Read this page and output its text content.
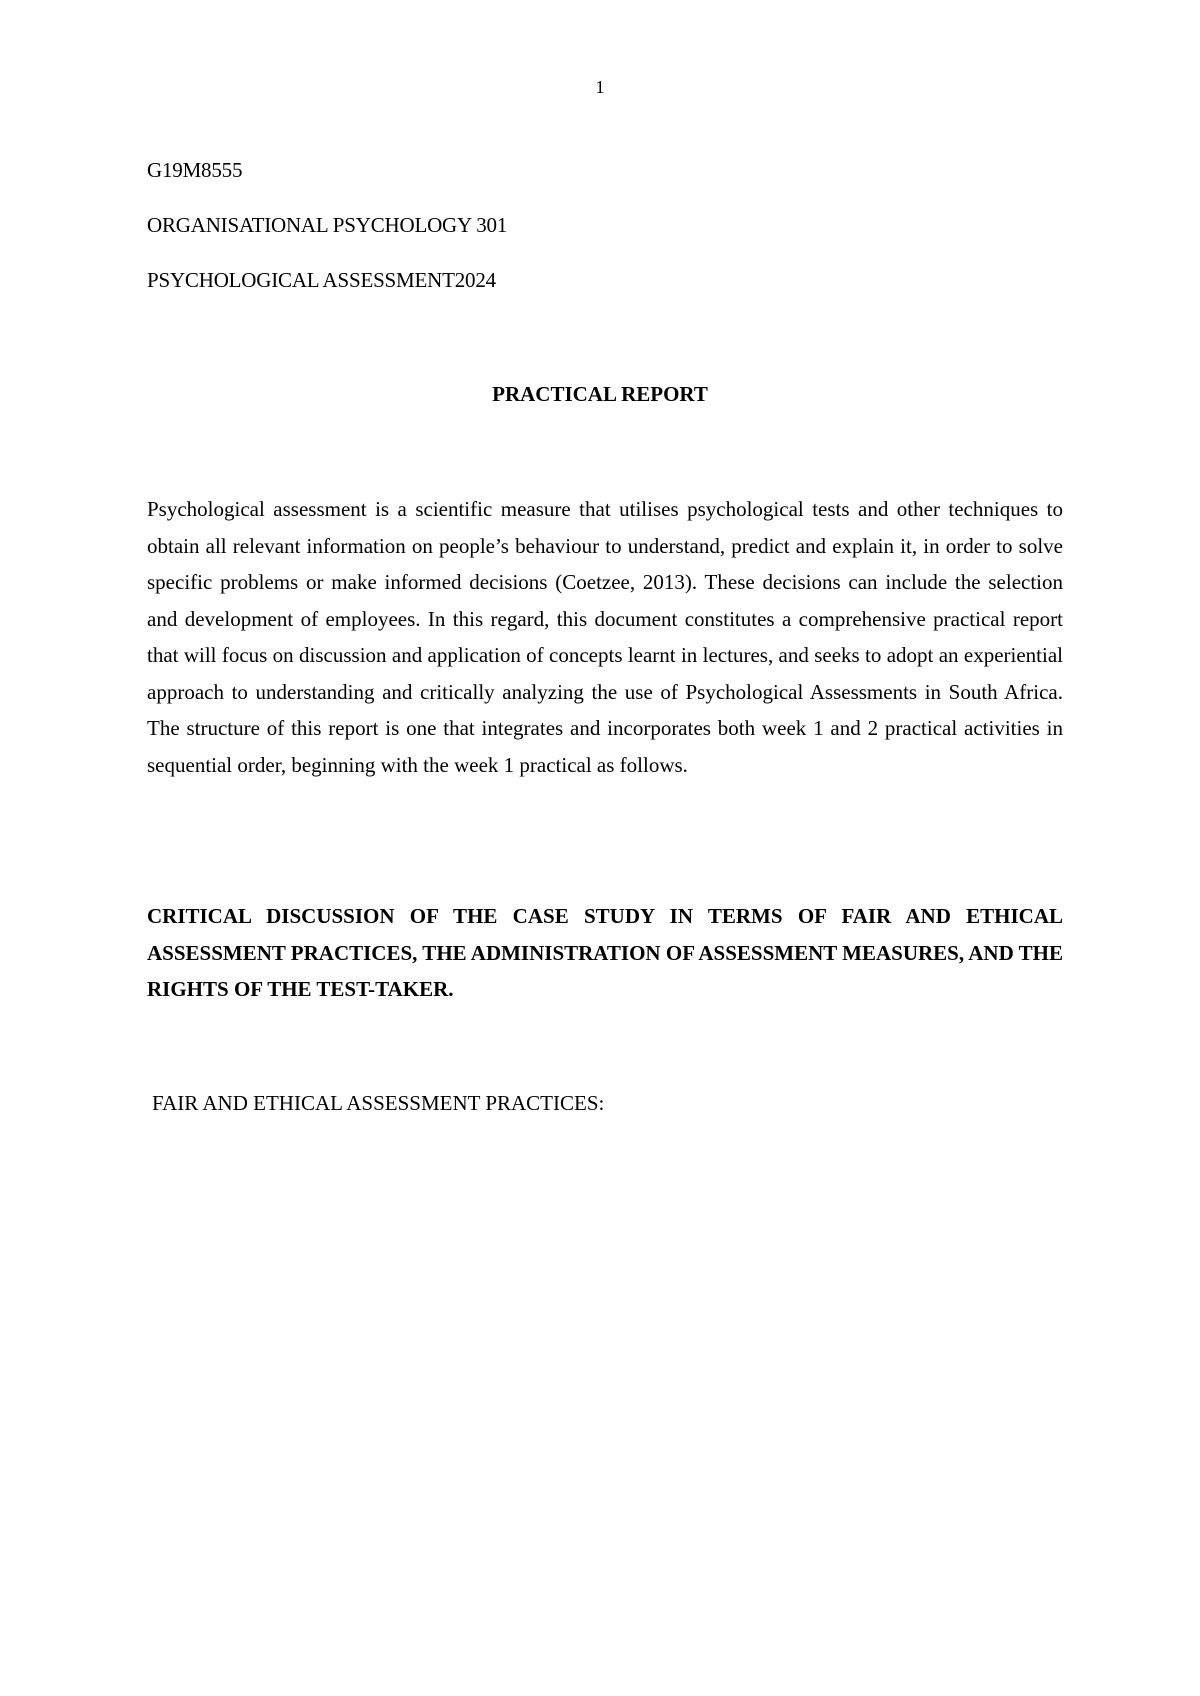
1
G19M8555
ORGANISATIONAL PSYCHOLOGY 301
PSYCHOLOGICAL ASSESSMENT2024
PRACTICAL REPORT

Psychological assessment is a scientific measure that utilises psychological tests and other techniques to obtain all relevant information on people’s behaviour to understand, predict and explain it, in order to solve specific problems or make informed decisions (Coetzee, 2013). These decisions can include the selection and development of employees. In this regard, this document constitutes a comprehensive practical report that will focus on discussion and application of concepts learnt in lectures, and seeks to adopt an experiential approach to understanding and critically analyzing the use of Psychological Assessments in South Africa. The structure of this report is one that integrates and incorporates both week 1 and 2 practical activities in sequential order, beginning with the week 1 practical as follows.

CRITICAL DISCUSSION OF THE CASE STUDY IN TERMS OF FAIR AND ETHICAL ASSESSMENT PRACTICES, THE ADMINISTRATION OF ASSESSMENT MEASURES, AND THE RIGHTS OF THE TEST-TAKER.

FAIR AND ETHICAL ASSESSMENT PRACTICES:
